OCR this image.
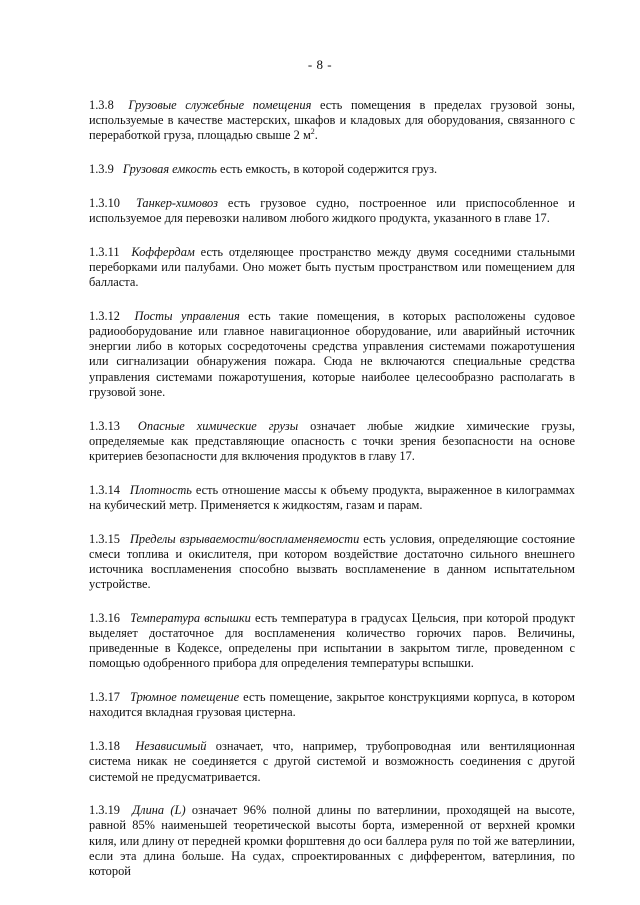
- 8 -

1.3.8 Грузовые служебные помещения есть помещения в пределах грузовой зоны, используемые в качестве мастерских, шкафов и кладовых для оборудования, связанного с переработкой груза, площадью свыше 2 $м^2$.

1.3.9 Грузовая емкость есть емкость, в которой содержится груз.

1.3.10 Танкер-химовоз есть грузовое судно, построенное или приспособленное и используемое для перевозки наливом любого жидкого продукта, указанного в главе 17.

1.3.11 Коффердам есть отделяющее пространство между двумя соседними стальными переборками или палубами. Оно может быть пустым пространством или помещением для балласта.

1.3.12 Посты управления есть такие помещения, в которых расположены судовое радиооборудование или главное навигационное оборудование, или аварийный источник энергии либо в которых сосредоточены средства управления системами пожаротушения или сигнализации обнаружения пожара. Сюда не включаются специальные средства управления системами пожаротушения, которые наиболее целесообразно располагать в грузовой зоне.

1.3.13 Опасные химические грузы означает любые жидкие химические грузы, определяемые как представляющие опасность с точки зрения безопасности на основе критериев безопасности для включения продуктов в главу 17.

1.3.14 Плотность есть отношение массы к объему продукта, выраженное в килограммах на кубический метр. Применяется к жидкостям, газам и парам.

1.3.15 Пределы взрываемости/воспламеняемости есть условия, определяющие состояние смеси топлива и окислителя, при котором воздействие достаточно сильного внешнего источника воспламенения способно вызвать воспламенение в данном испытательном устройстве.

1.3.16 Температура вспышки есть температура в градусах Цельсия, при которой продукт выделяет достаточное для воспламенения количество горючих паров. Величины, приведенные в Кодексе, определены при испытании в закрытом тигле, проведенном с помощью одобренного прибора для определения температуры вспышки.

1.3.17 Трюмное помещение есть помещение, закрытое конструкциями корпуса, в котором находится вкладная грузовая цистерна.

1.3.18 Независимый означает, что, например, трубопроводная или вентиляционная система никак не соединяется с другой системой и возможность соединения с другой системой не предусматривается.

1.3.19 Длина (L) означает 96% полной длины по ватерлинии, проходящей на высоте, равной 85% наименьшей теоретической высоты борта, измеренной от верхней кромки киля, или длину от передней кромки форштевня до оси баллера руля по той же ватерлинии, если эта длина больше. На судах, спроектированных с дифферентом, ватерлиния, по которой
